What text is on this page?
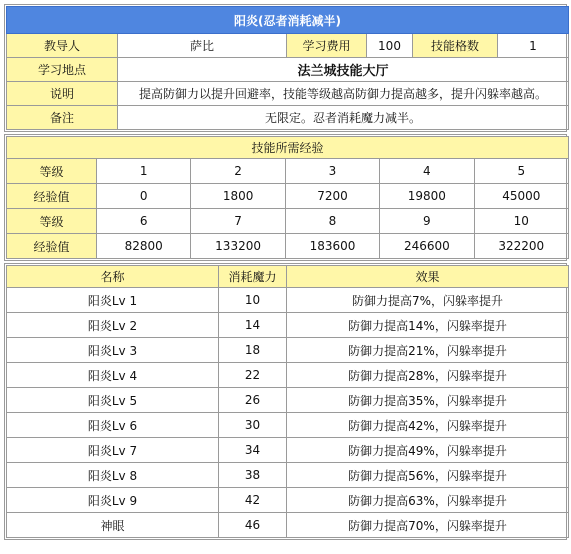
阳炎(忍者消耗减半)					
教导人	萨比	学习费用	100	技能格数	1
学习地点	法兰城技能大厅				
说明	提高防御力以提升回避率，技能等级越高防御力提高越多，提升闪躲率越高。				
备注	无限定。忍者消耗魔力减半。				
技能所需经验					
等级	1	2	3	4	5
经验值	0	1800	7200	19800	45000
等级	6	7	8	9	10
经验值	82800	133200	183600	246600	322200
名称	消耗魔力	效果
阳炎Lv 1	10	防御力提高7%，闪躲率提升
阳炎Lv 2	14	防御力提高14%，闪躲率提升
阳炎Lv 3	18	防御力提高21%，闪躲率提升
阳炎Lv 4	22	防御力提高28%，闪躲率提升
阳炎Lv 5	26	防御力提高35%，闪躲率提升
阳炎Lv 6	30	防御力提高42%，闪躲率提升
阳炎Lv 7	34	防御力提高49%，闪躲率提升
阳炎Lv 8	38	防御力提高56%，闪躲率提升
阳炎Lv 9	42	防御力提高63%，闪躲率提升
神眼	46	防御力提高70%，闪躲率提升
